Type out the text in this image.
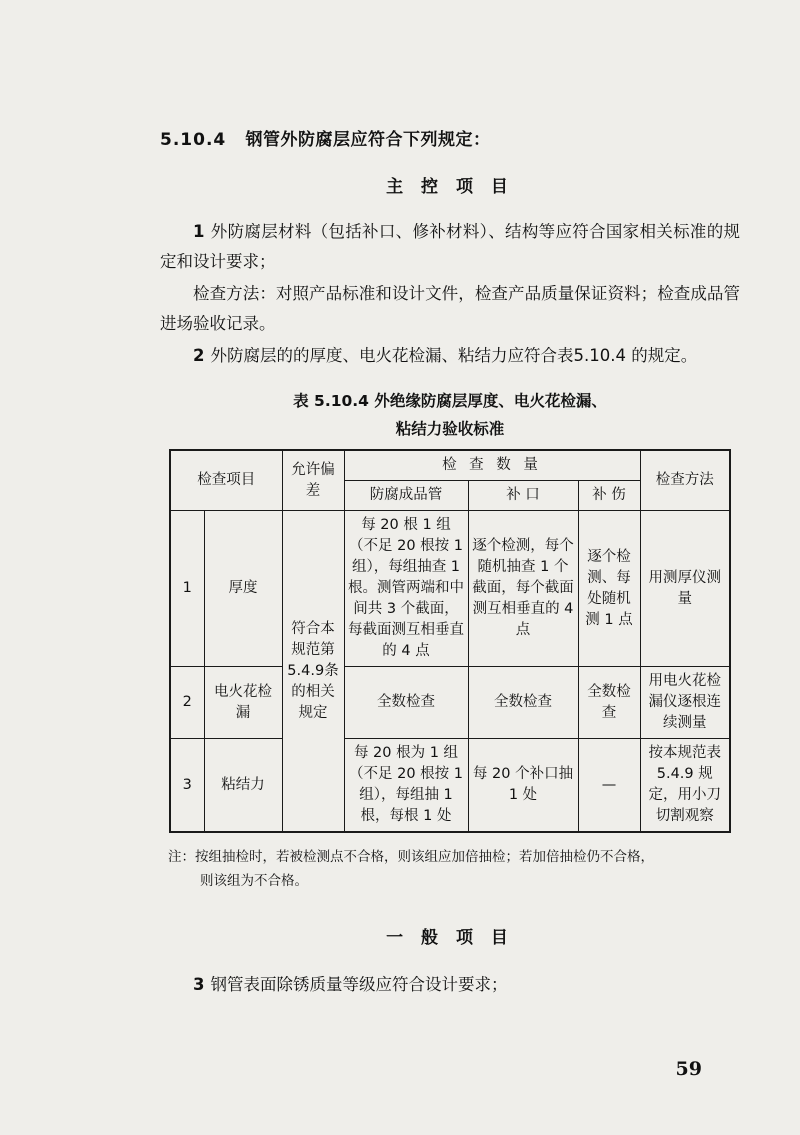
5.10.4 钢管外防腐层应符合下列规定：
主 控 项 目

1 外防腐层材料（包括补口、修补材料）、结构等应符合国家相关标准的规定和设计要求；

检查方法：对照产品标准和设计文件，检查产品质量保证资料；检查成品管进场验收记录。

2 外防腐层的的厚度、电火花检漏、粘结力应符合表5.10.4 的规定。

表 5.10.4 外绝缘防腐层厚度、电火花检漏、
粘结力验收标准
检查项目		允许偏差	检 查 数 量			检查方法
			防腐成品管	补 口	补 伤	
1	厚度	符合本规范第5.4.9条的相关规定	每 20 根 1 组（不足 20 根按 1 组），每组抽查 1 根。测管两端和中间共 3 个截面，每截面测互相垂直的 4 点	逐个检测，每个随机抽查 1 个截面，每个截面测互相垂直的 4 点	逐个检测、每处随机测 1 点	用测厚仪测量
2	电火花检漏		全数检查	全数检查	全数检查	用电火花检漏仪逐根连续测量
3	粘结力		每 20 根为 1 组（不足 20 根按 1 组），每组抽 1 根，每根 1 处	每 20 个补口抽 1 处	—	按本规范表5.4.9 规定，用小刀切割观察
注：按组抽检时，若被检测点不合格，则该组应加倍抽检；若加倍抽检仍不合格，
则该组为不合格。
一 般 项 目

3 钢管表面除锈质量等级应符合设计要求；

59
